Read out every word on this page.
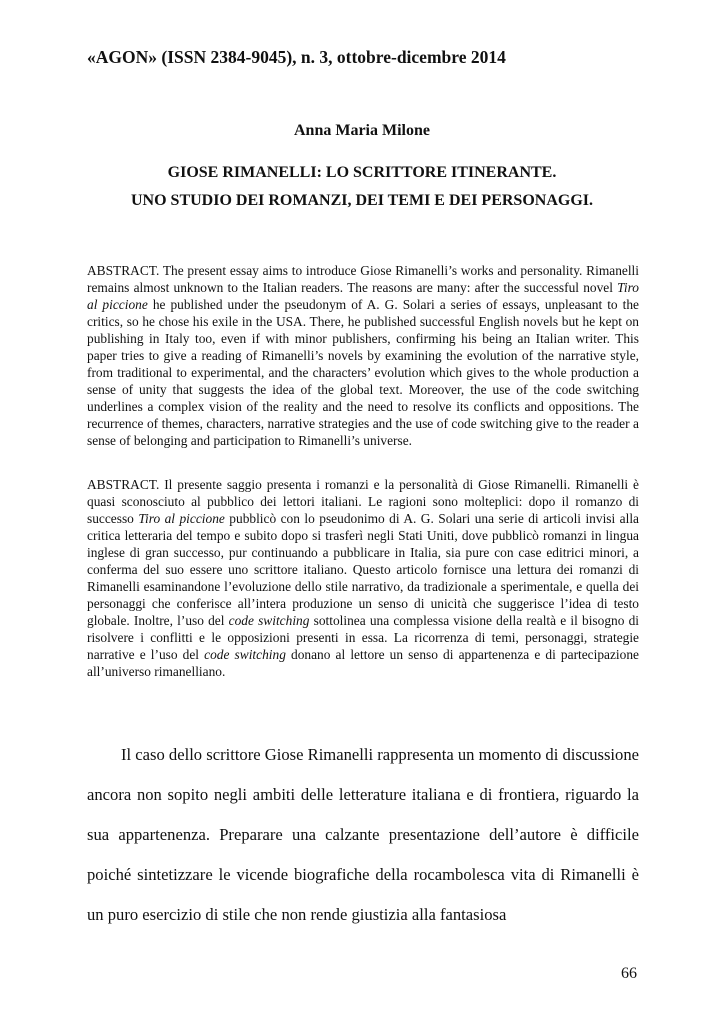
«AGON» (ISSN 2384-9045), n. 3, ottobre-dicembre 2014
Anna Maria Milone
GIOSE RIMANELLI: LO SCRITTORE ITINERANTE.
UNO STUDIO DEI ROMANZI, DEI TEMI E DEI PERSONAGGI.

ABSTRACT. The present essay aims to introduce Giose Rimanelli’s works and personality. Rimanelli remains almost unknown to the Italian readers. The reasons are many: after the successful novel Tiro al piccione he published under the pseudonym of A. G. Solari a series of essays, unpleasant to the critics, so he chose his exile in the USA. There, he published successful English novels but he kept on publishing in Italy too, even if with minor publishers, confirming his being an Italian writer. This paper tries to give a reading of Rimanelli’s novels by examining the evolution of the narrative style, from traditional to experimental, and the characters’ evolution which gives to the whole production a sense of unity that suggests the idea of the global text. Moreover, the use of the code switching underlines a complex vision of the reality and the need to resolve its conflicts and oppositions. The recurrence of themes, characters, narrative strategies and the use of code switching give to the reader a sense of belonging and participation to Rimanelli’s universe.

ABSTRACT. Il presente saggio presenta i romanzi e la personalità di Giose Rimanelli. Rimanelli è quasi sconosciuto al pubblico dei lettori italiani. Le ragioni sono molteplici: dopo il romanzo di successo Tiro al piccione pubblicò con lo pseudonimo di A. G. Solari una serie di articoli invisi alla critica letteraria del tempo e subito dopo si trasferì negli Stati Uniti, dove pubblicò romanzi in lingua inglese di gran successo, pur continuando a pubblicare in Italia, sia pure con case editrici minori, a conferma del suo essere uno scrittore italiano. Questo articolo fornisce una lettura dei romanzi di Rimanelli esaminandone l’evoluzione dello stile narrativo, da tradizionale a sperimentale, e quella dei personaggi che conferisce all’intera produzione un senso di unicità che suggerisce l’idea di testo globale. Inoltre, l’uso del code switching sottolinea una complessa visione della realtà e il bisogno di risolvere i conflitti e le opposizioni presenti in essa. La ricorrenza di temi, personaggi, strategie narrative e l’uso del code switching donano al lettore un senso di appartenenza e di partecipazione all’universo rimanelliano.

Il caso dello scrittore Giose Rimanelli rappresenta un momento di discussione ancora non sopito negli ambiti delle letterature italiana e di frontiera, riguardo la sua appartenenza. Preparare una calzante presentazione dell’autore è difficile poiché sintetizzare le vicende biografiche della rocambolesca vita di Rimanelli è un puro esercizio di stile che non rende giustizia alla fantasiosa

66
